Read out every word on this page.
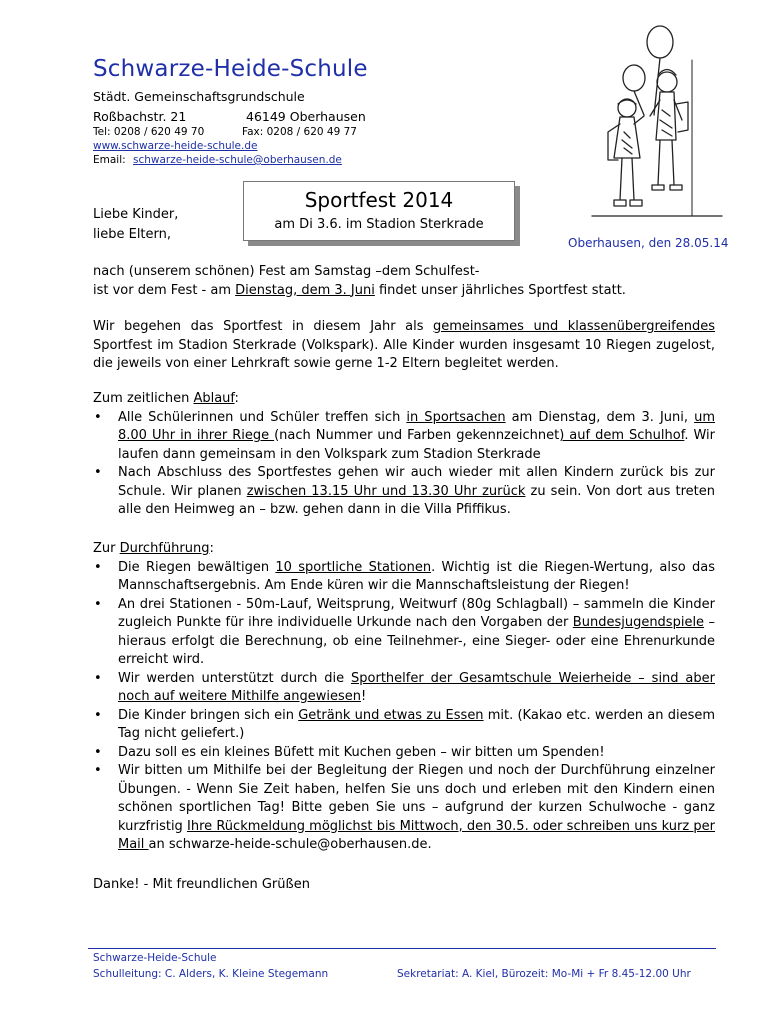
Schwarze-Heide-Schule
Städt. Gemeinschaftsgrundschule
Roßbachstr. 21	46149 Oberhausen
Tel: 0208 / 620 49 70	Fax: 0208 / 620 49 77
www.schwarze-heide-schule.de
Email: schwarze-heide-schule@oberhausen.de
Sportfest 2014
am Di 3.6. im Stadion Sterkrade
Liebe Kinder,
liebe Eltern,
Oberhausen, den 28.05.14
nach (unserem schönen) Fest am Samstag –dem Schulfest-
ist vor dem Fest - am Dienstag, dem 3. Juni findet unser jährliches Sportfest statt.
Wir begehen das Sportfest in diesem Jahr als gemeinsames und klassenübergreifendes Sportfest im Stadion Sterkrade (Volkspark). Alle Kinder wurden insgesamt 10 Riegen zugelost, die jeweils von einer Lehrkraft sowie gerne 1-2 Eltern begleitet werden.
Zum zeitlichen Ablauf:
• Alle Schülerinnen und Schüler treffen sich in Sportsachen am Dienstag, dem 3. Juni, um 8.00 Uhr in ihrer Riege (nach Nummer und Farben gekennzeichnet) auf dem Schulhof. Wir laufen dann gemeinsam in den Volkspark zum Stadion Sterkrade
• Nach Abschluss des Sportfestes gehen wir auch wieder mit allen Kindern zurück bis zur Schule. Wir planen zwischen 13.15 Uhr und 13.30 Uhr zurück zu sein. Von dort aus treten alle den Heimweg an – bzw. gehen dann in die Villa Pfiffikus.
Zur Durchführung:
• Die Riegen bewältigen 10 sportliche Stationen. Wichtig ist die Riegen-Wertung, also das Mannschaftsergebnis. Am Ende küren wir die Mannschaftsleistung der Riegen!
• An drei Stationen - 50m-Lauf, Weitsprung, Weitwurf (80g Schlagball) – sammeln die Kinder zugleich Punkte für ihre individuelle Urkunde nach den Vorgaben der Bundesjugendspiele – hieraus erfolgt die Berechnung, ob eine Teilnehmer-, eine Sieger- oder eine Ehrenurkunde erreicht wird.
• Wir werden unterstützt durch die Sporthelfer der Gesamtschule Weierheide – sind aber noch auf weitere Mithilfe angewiesen!
• Die Kinder bringen sich ein Getränk und etwas zu Essen mit. (Kakao etc. werden an diesem Tag nicht geliefert.)
• Dazu soll es ein kleines Büfett mit Kuchen geben – wir bitten um Spenden!
• Wir bitten um Mithilfe bei der Begleitung der Riegen und noch der Durchführung einzelner Übungen. - Wenn Sie Zeit haben, helfen Sie uns doch und erleben mit den Kindern einen schönen sportlichen Tag! Bitte geben Sie uns – aufgrund der kurzen Schulwoche - ganz kurzfristig Ihre Rückmeldung möglichst bis Mittwoch, den 30.5. oder schreiben uns kurz per Mail an schwarze-heide-schule@oberhausen.de.
Danke! - Mit freundlichen Grüßen
Schwarze-Heide-Schule
Schulleitung: C. Alders, K. Kleine Stegemann	Sekretariat: A. Kiel, Bürozeit: Mo-Mi + Fr 8.45-12.00 Uhr
